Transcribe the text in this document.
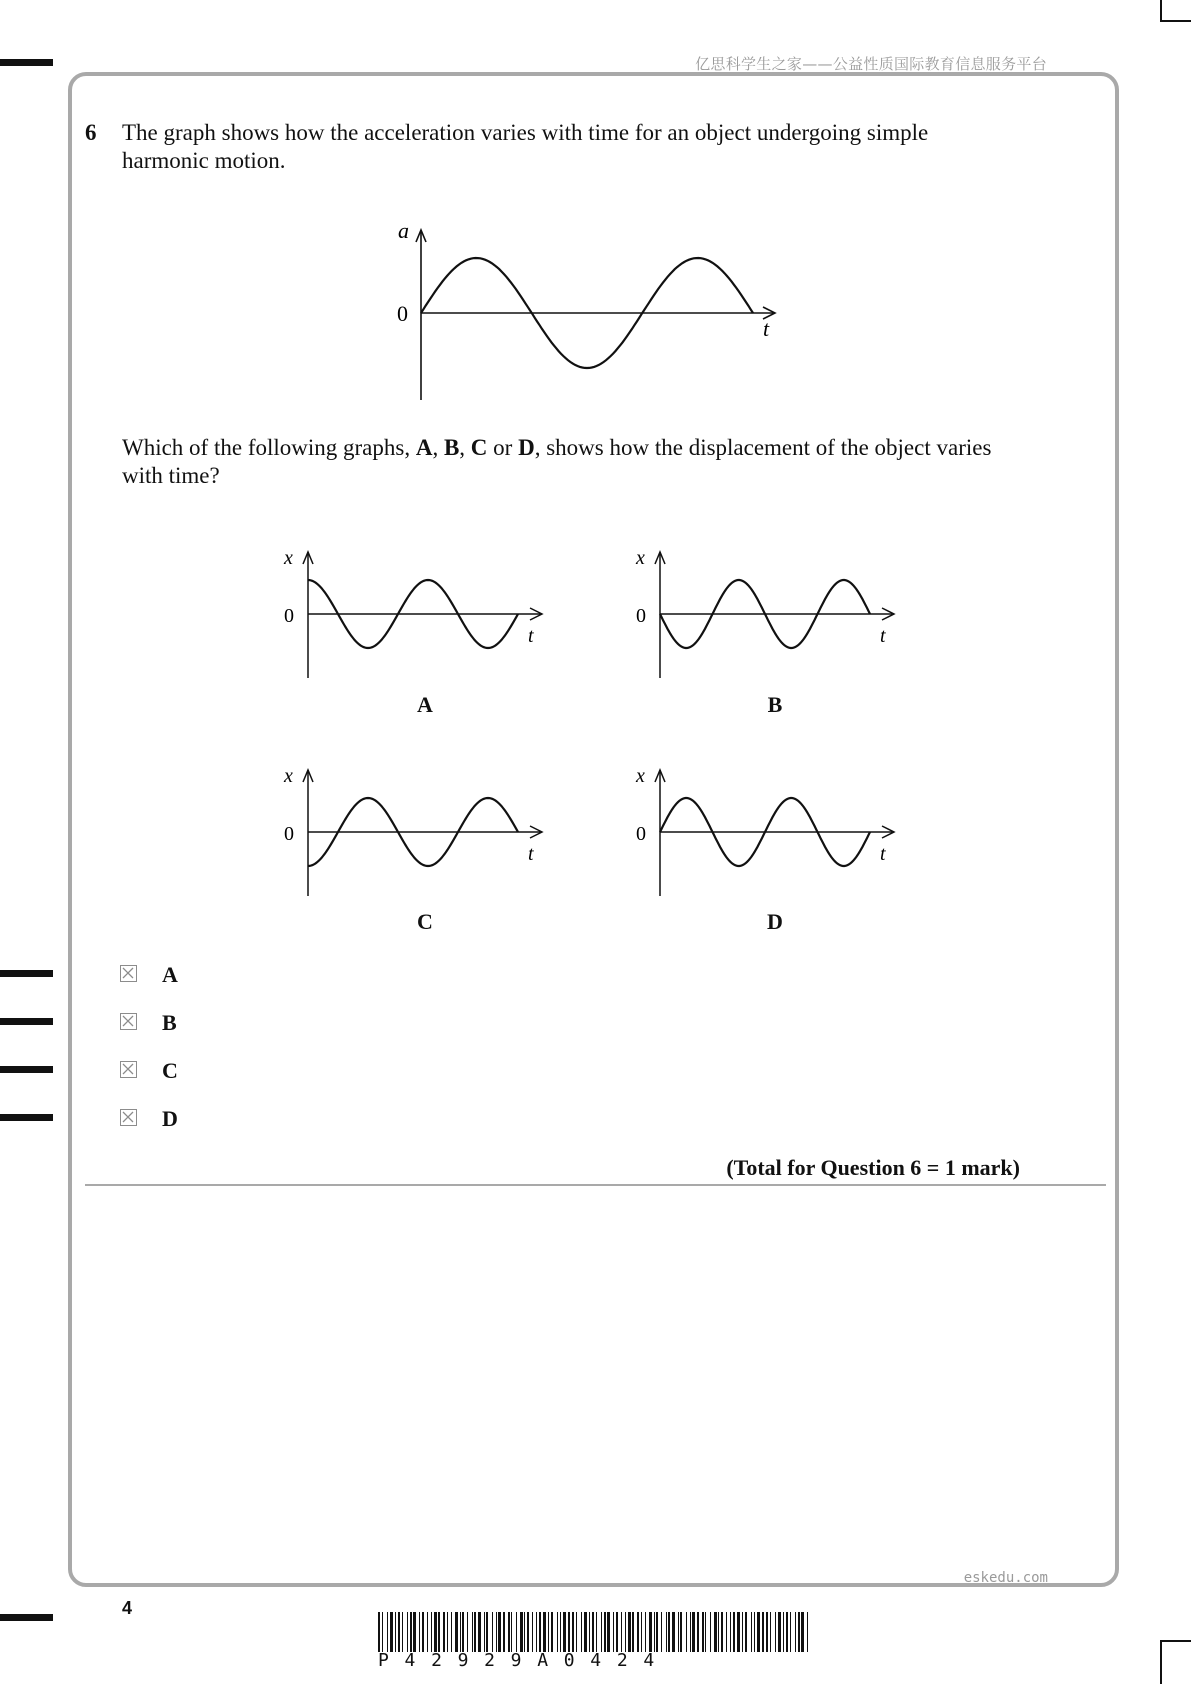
亿思科学生之家——公益性质国际教育信息服务平台
6 The graph shows how the acceleration varies with time for an object undergoing simple harmonic motion.
a
0
t
Which of the following graphs, A, B, C or D, shows how the displacement of the object varies with time?
x
0
t
x
0
t
x
0
t
x
0
t
A	B
C	D
A
B
C
D
(Total for Question 6 = 1 mark)
eskedu.com
4
P42929A0424
